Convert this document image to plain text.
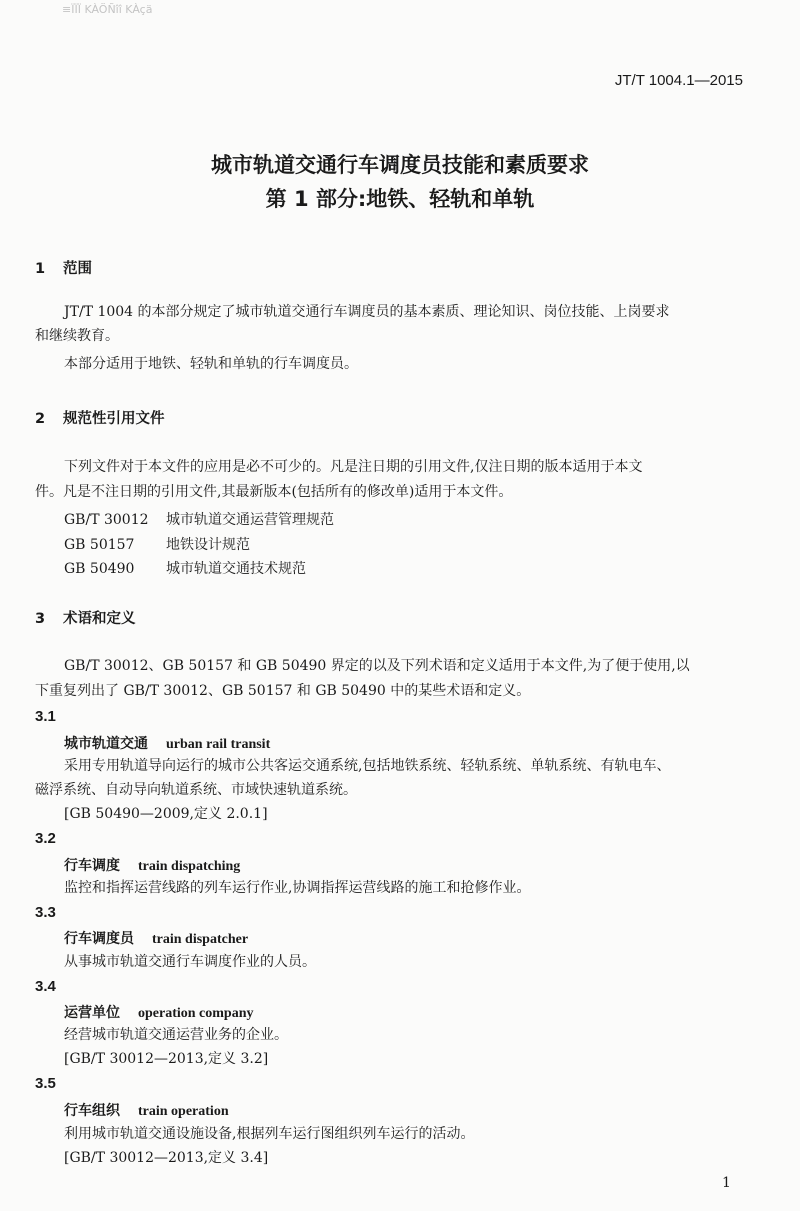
≡ÏÏÏ KÀÖÑîî KÀçä
JT/T 1004.1—2015
城市轨道交通行车调度员技能和素质要求
第 1 部分:地铁、轻轨和单轨
1 范围
JT/T 1004 的本部分规定了城市轨道交通行车调度员的基本素质、理论知识、岗位技能、上岗要求
和继续教育。
本部分适用于地铁、轻轨和单轨的行车调度员。
2 规范性引用文件
下列文件对于本文件的应用是必不可少的。凡是注日期的引用文件,仅注日期的版本适用于本文
件。凡是不注日期的引用文件,其最新版本(包括所有的修改单)适用于本文件。
GB/T 30012 城市轨道交通运营管理规范
GB 50157 地铁设计规范
GB 50490 城市轨道交通技术规范
3 术语和定义
GB/T 30012、GB 50157 和 GB 50490 界定的以及下列术语和定义适用于本文件,为了便于使用,以
下重复列出了 GB/T 30012、GB 50157 和 GB 50490 中的某些术语和定义。
3.1
城市轨道交通 urban rail transit
采用专用轨道导向运行的城市公共客运交通系统,包括地铁系统、轻轨系统、单轨系统、有轨电车、
磁浮系统、自动导向轨道系统、市域快速轨道系统。
[GB 50490—2009,定义 2.0.1]
3.2
行车调度 train dispatching
监控和指挥运营线路的列车运行作业,协调指挥运营线路的施工和抢修作业。
3.3
行车调度员 train dispatcher
从事城市轨道交通行车调度作业的人员。
3.4
运营单位 operation company
经营城市轨道交通运营业务的企业。
[GB/T 30012—2013,定义 3.2]
3.5
行车组织 train operation
利用城市轨道交通设施设备,根据列车运行图组织列车运行的活动。
[GB/T 30012—2013,定义 3.4]
1
